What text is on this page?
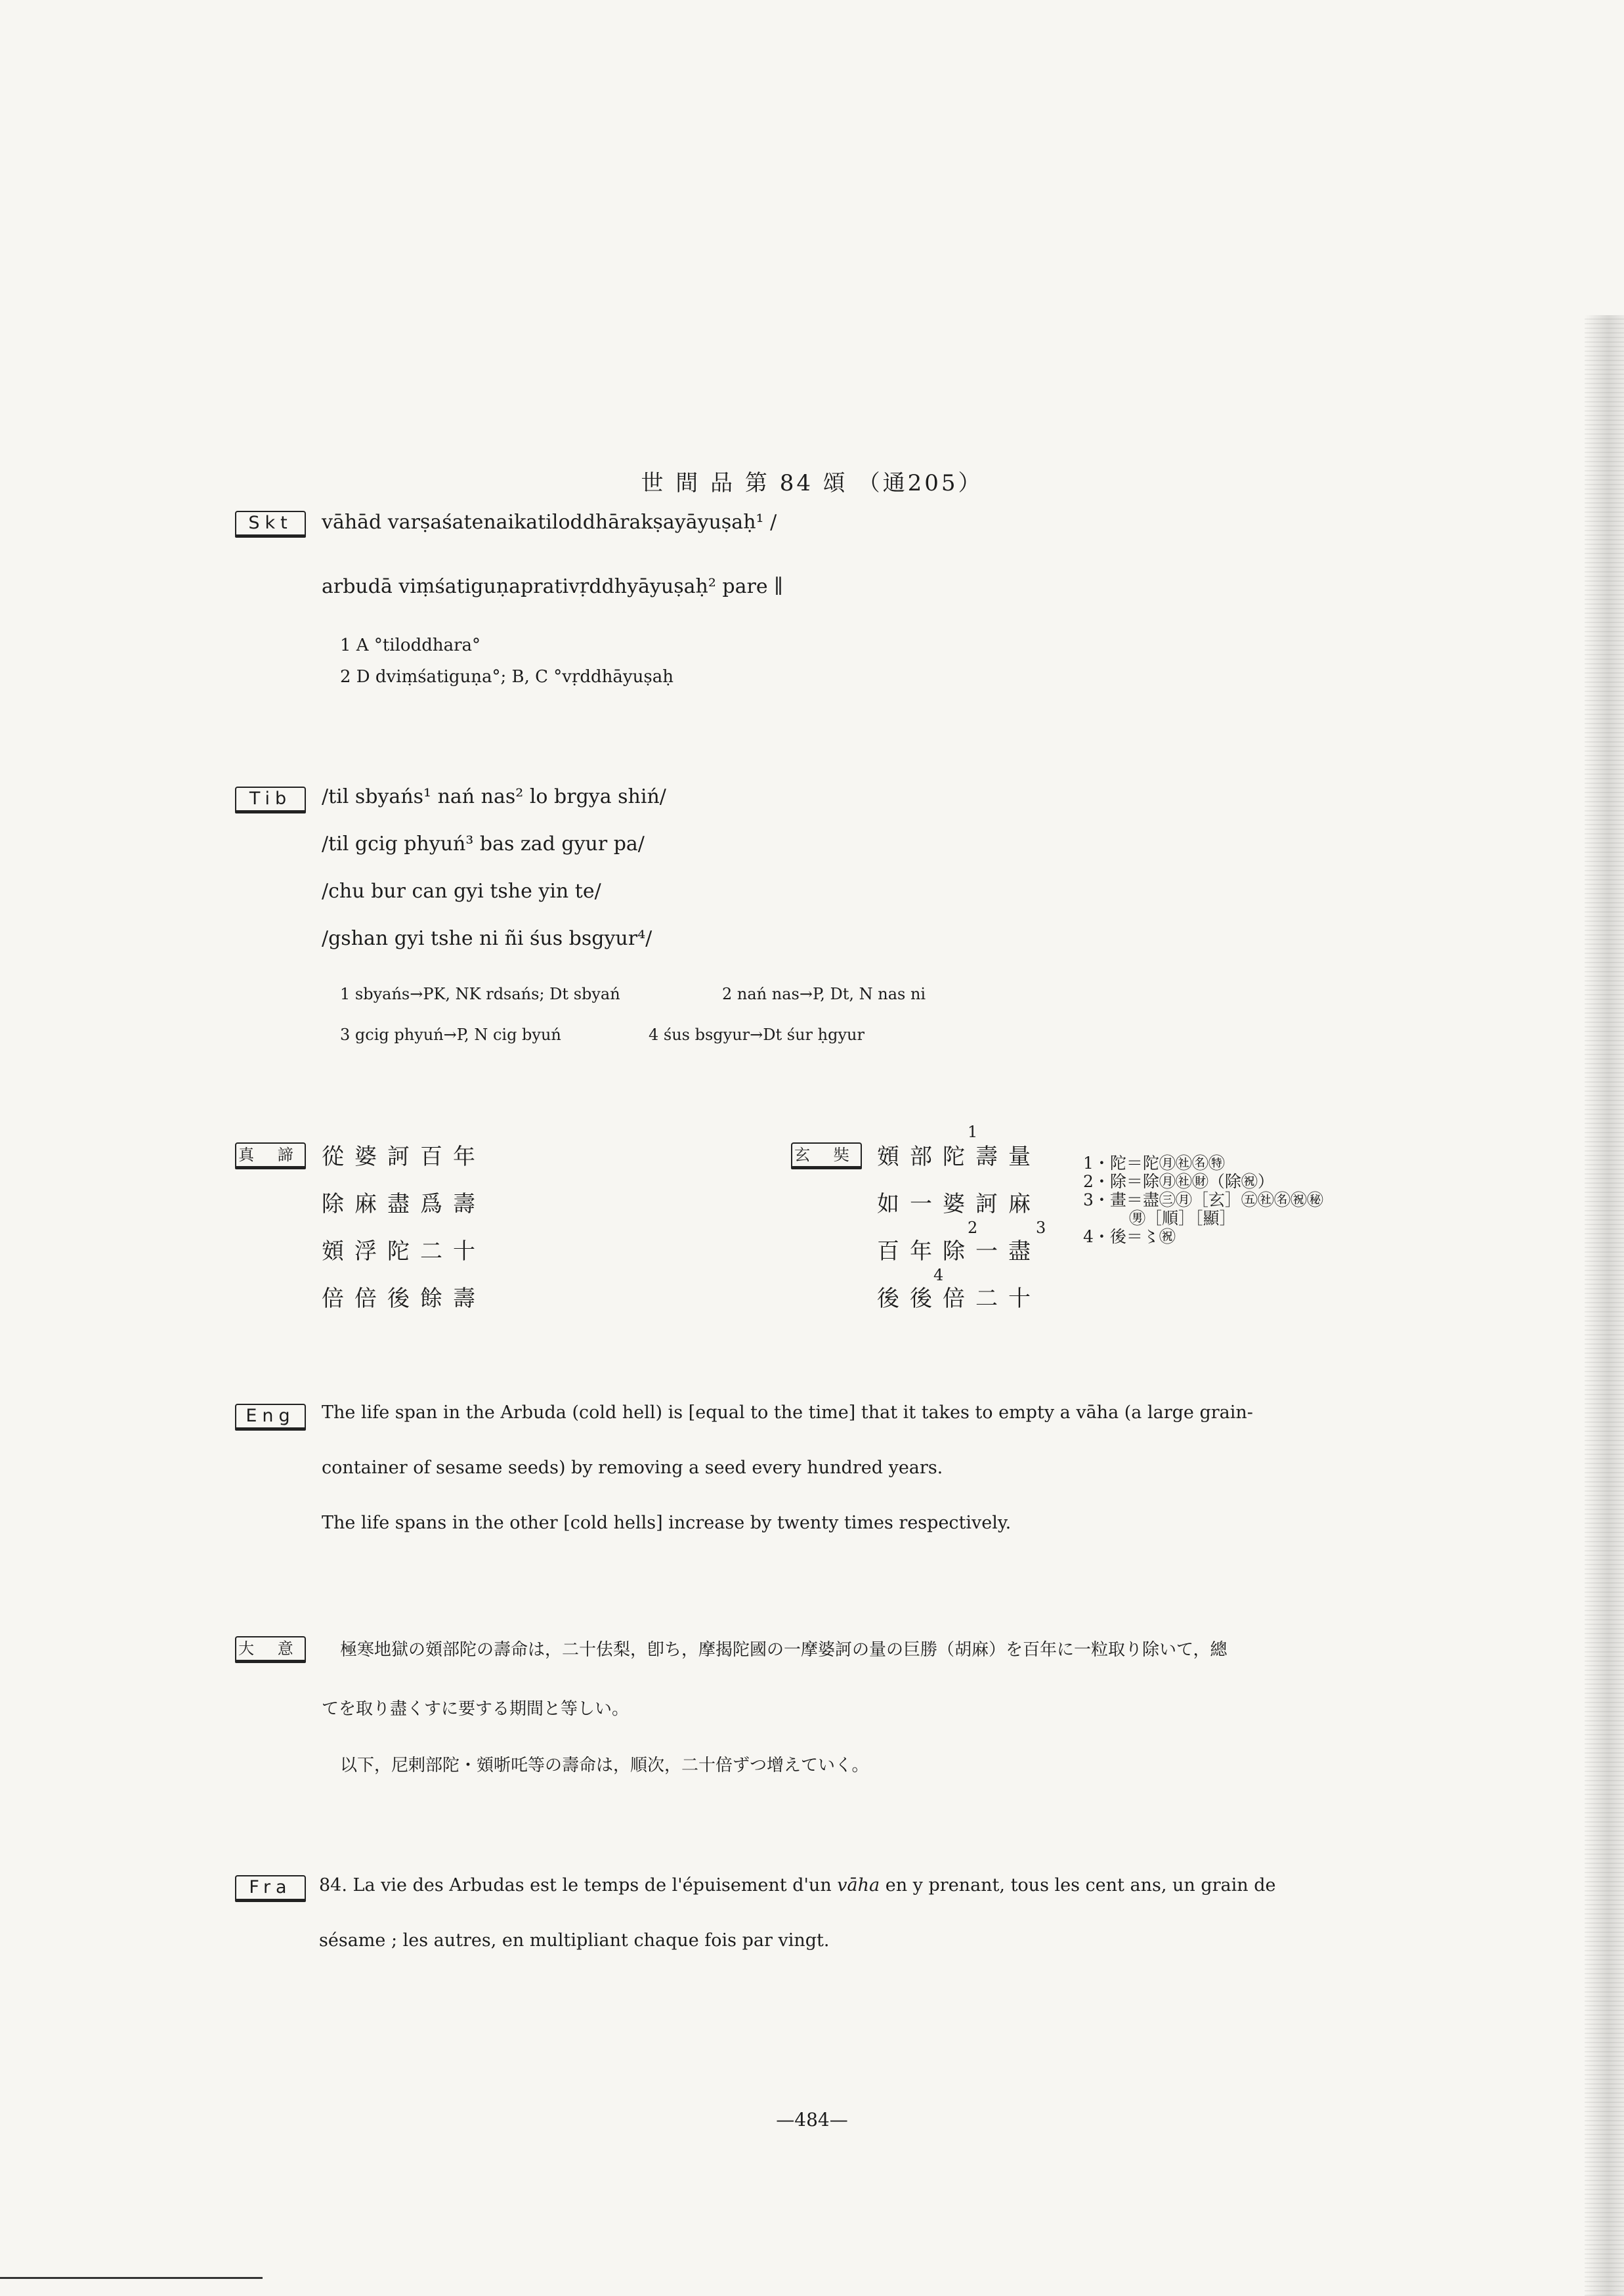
世 間 品 第 84 頌 （通205）
Skt	vāhād varṣaśatenaikatiloddhārakṣayāyuṣaḥ¹ /
arbudā viṃśatiguṇaprativṛddhyāyuṣaḥ² pare ∥
1 A °tiloddhara°
2 D dviṃśatiguṇa°; B, C °vṛddhāyuṣaḥ
Tib	/til sbyańs¹ nań nas² lo brgya shiń/
/til gcig phyuń³ bas zad gyur pa/
/chu bur can gyi tshe yin te/
/gshan gyi tshe ni ñi śus bsgyur⁴/
1 sbyańs→PK, NK rdsańs; Dt sbyań	2 nań nas→P, Dt, N nas ni
3 gcig phyuń→P, N cig byuń	4 śus bsgyur→Dt śur ḥgyur
真 諦 從婆訶百年
除麻盡爲壽
頞浮陀二十
倍倍後餘壽
玄 奘 頞部陀壽量
如一婆訶麻
百年除一盡
後後倍二十
1
2	3
4
1・陀＝陀㊊㊓㊔㊕
2・除＝除㊊㊓㊖（除㊗）
3・畫＝盡㊂㊊［玄］㊄㊓㊔㊗㊙
㊚［順］［顯］
4・後＝〻㊗
Eng	The life span in the Arbuda (cold hell) is [equal to the time] that it takes to empty a vāha (a large grain-
container of sesame seeds) by removing a seed every hundred years.
The life spans in the other [cold hells] increase by twenty times respectively.
大 意 極寒地獄の頞部陀の壽命は，二十佉梨，卽ち，摩揭陀國の一摩婆訶の量の巨勝（胡麻）を百年に一粒取り除いて，總
てを取り盡くすに要する期間と等しい。
以下，尼剌部陀・頞哳吒等の壽命は，順次，二十倍ずつ增えていく。
Fra	84. La vie des Arbudas est le temps de l'épuisement d'un vāha en y prenant, tous les cent ans, un grain de
sésame ; les autres, en multipliant chaque fois par vingt.
—484—
